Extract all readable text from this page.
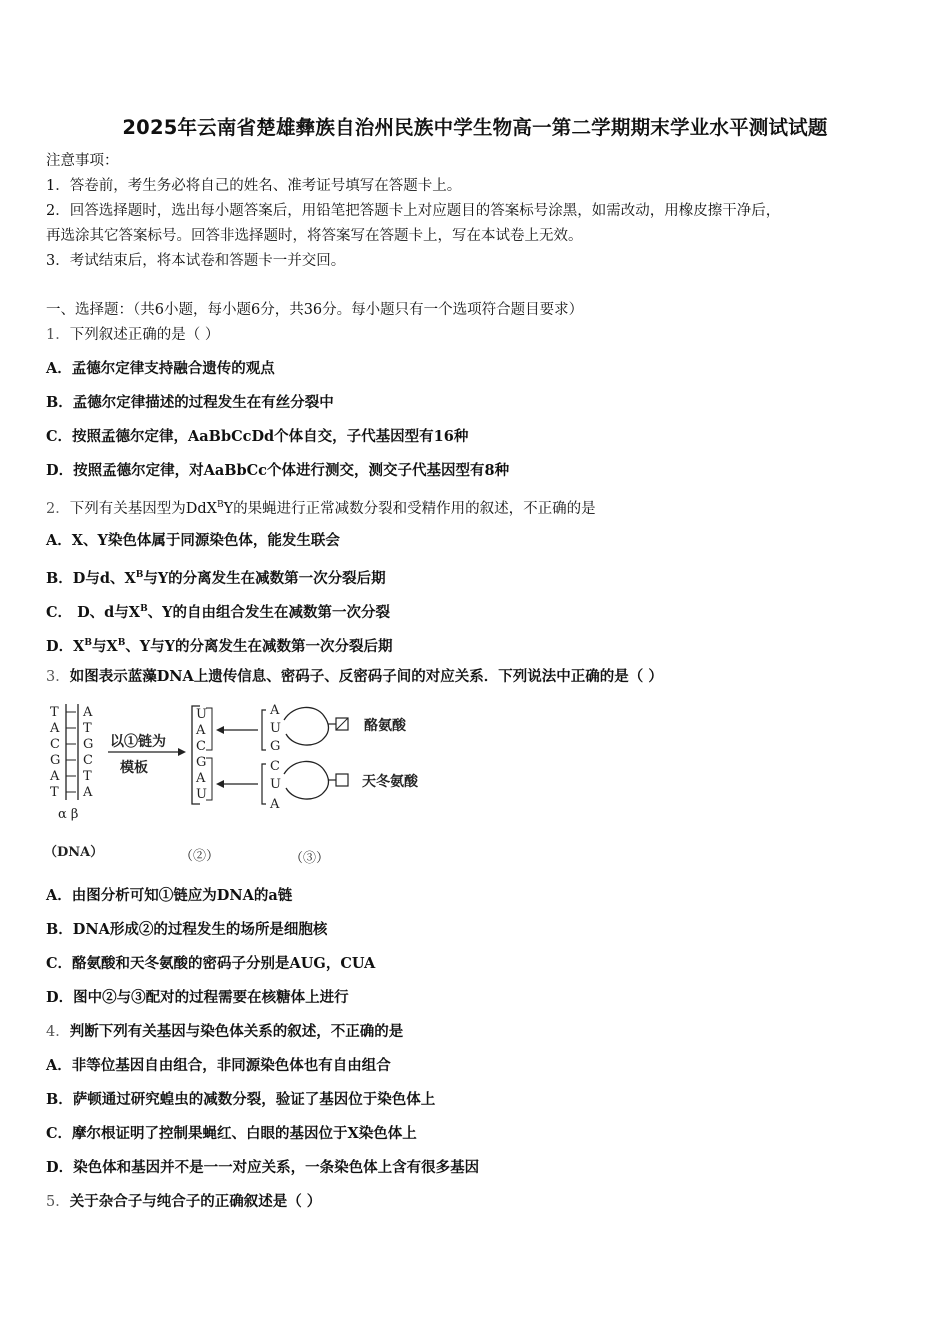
2025年云南省楚雄彝族自治州民族中学生物高一第二学期期末学业水平测试试题
注意事项：
1．答卷前，考生务必将自己的姓名、准考证号填写在答题卡上。
2．回答选择题时，选出每小题答案后，用铅笔把答题卡上对应题目的答案标号涂黑，如需改动，用橡皮擦干净后，
再选涂其它答案标号。回答非选择题时，将答案写在答题卡上，写在本试卷上无效。
3．考试结束后，将本试卷和答题卡一并交回。
一、选择题：（共6小题，每小题6分，共36分。每小题只有一个选项符合题目要求）
1．下列叙述正确的是（ ）
A．孟德尔定律支持融合遗传的观点
B．孟德尔定律描述的过程发生在有丝分裂中
C．按照孟德尔定律，AaBbCcDd个体自交，子代基因型有16种
D．按照孟德尔定律，对AaBbCc个体进行测交，测交子代基因型有8种
2．下列有关基因型为DdX$^B$Y的果蝇进行正常减数分裂和受精作用的叙述，不正确的是
A．X、Y染色体属于同源染色体，能发生联会
B．D与d、$X^B$与Y的分离发生在减数第一次分裂后期
C． D、d与$X^B$、Y的自由组合发生在减数第一次分裂
D．$X^B$与$X^B$、Y与Y的分离发生在减数第一次分裂后期
3．如图表示蓝藻DNA上遗传信息、密码子、反密码子间的对应关系．下列说法中正确的是（ ）
T
A
C
G
A
T
A
T
G
C
T
A
α β
以①链为
模板
U
A
C
G
A
U
A
U
G
酪氨酸
C
U
A
天冬氨酸
（DNA）	（②）	（③）
A．由图分析可知①链应为DNA的a链
B．DNA形成②的过程发生的场所是细胞核
C．酪氨酸和天冬氨酸的密码子分别是AUG，CUA
D．图中②与③配对的过程需要在核糖体上进行
4．判断下列有关基因与染色体关系的叙述，不正确的是
A．非等位基因自由组合，非同源染色体也有自由组合
B．萨顿通过研究蝗虫的减数分裂，验证了基因位于染色体上
C．摩尔根证明了控制果蝇红、白眼的基因位于X染色体上
D．染色体和基因并不是一一对应关系，一条染色体上含有很多基因
5．关于杂合子与纯合子的正确叙述是（ ）
